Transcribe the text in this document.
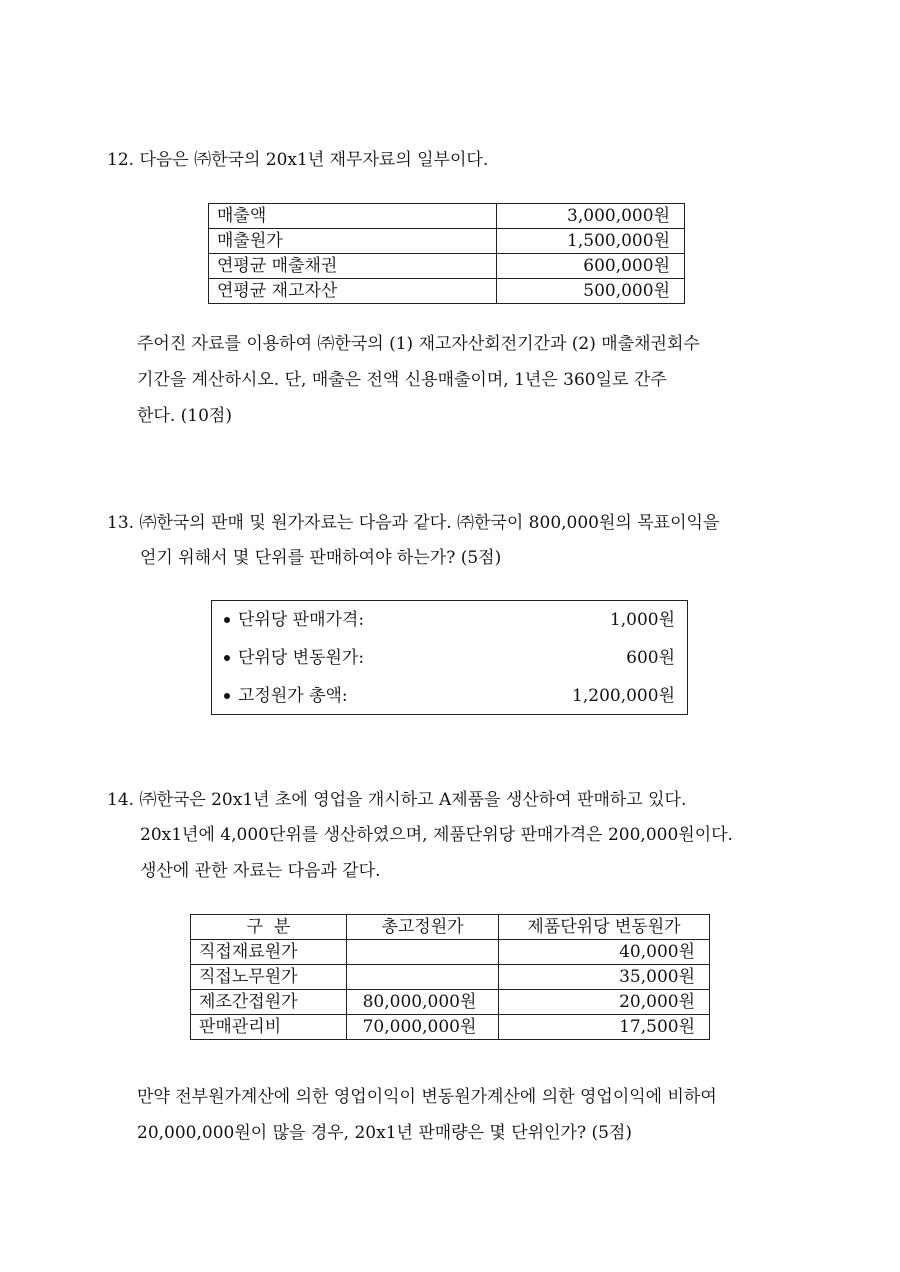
12. 다음은 ㈜한국의 20x1년 재무자료의 일부이다.
매출액	3,000,000원
매출원가	1,500,000원
연평균 매출채권	600,000원
연평균 재고자산	500,000원
주어진 자료를 이용하여 ㈜한국의 (1) 재고자산회전기간과 (2) 매출채권회수
기간을 계산하시오. 단, 매출은 전액 신용매출이며, 1년은 360일로 간주
한다. (10점)
13. ㈜한국의 판매 및 원가자료는 다음과 같다. ㈜한국이 800,000원의 목표이익을
얻기 위해서 몇 단위를 판매하여야 하는가? (5점)
단위당 판매가격:	1,000원
단위당 변동원가:	600원
고정원가 총액:	1,200,000원
14. ㈜한국은 20x1년 초에 영업을 개시하고 A제품을 생산하여 판매하고 있다.
20x1년에 4,000단위를 생산하였으며, 제품단위당 판매가격은 200,000원이다.
생산에 관한 자료는 다음과 같다.
구  분	총고정원가	제품단위당 변동원가
직접재료원가		40,000원
직접노무원가		35,000원
제조간접원가	80,000,000원	20,000원
판매관리비	70,000,000원	17,500원
만약 전부원가계산에 의한 영업이익이 변동원가계산에 의한 영업이익에 비하여
20,000,000원이 많을 경우, 20x1년 판매량은 몇 단위인가? (5점)
